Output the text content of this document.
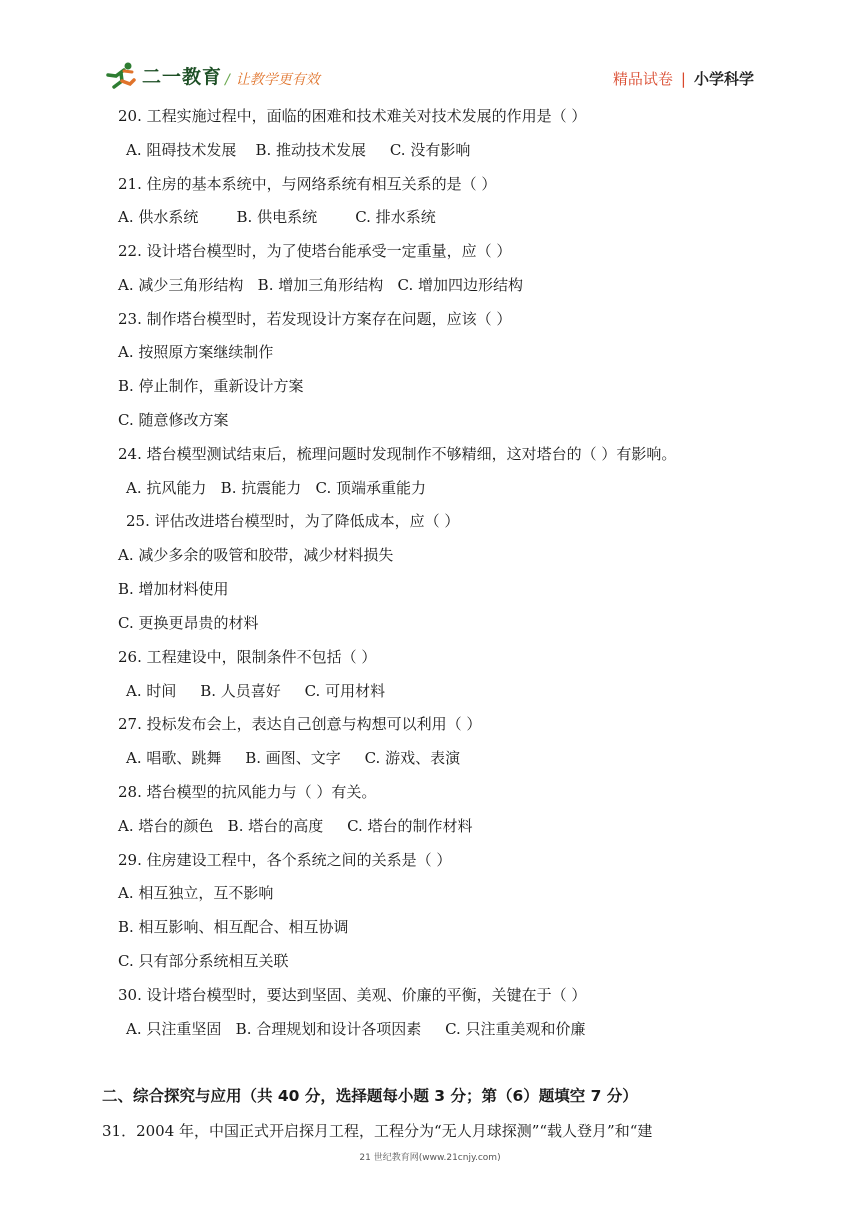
二一教育 / 让教学更有效	精品试卷 | 小学科学
20. 工程实施过程中，面临的困难和技术难关对技术发展的作用是（ ）
A. 阻碍技术发展    B. 推动技术发展     C. 没有影响
21. 住房的基本系统中，与网络系统有相互关系的是（ ）
A. 供水系统        B. 供电系统        C. 排水系统
22. 设计塔台模型时，为了使塔台能承受一定重量，应（ ）
A. 减少三角形结构   B. 增加三角形结构   C. 增加四边形结构
23. 制作塔台模型时，若发现设计方案存在问题，应该（ ）
A. 按照原方案继续制作
B. 停止制作，重新设计方案
C. 随意修改方案
24. 塔台模型测试结束后，梳理问题时发现制作不够精细，这对塔台的（ ）有影响。
A. 抗风能力   B. 抗震能力   C. 顶端承重能力
25. 评估改进塔台模型时，为了降低成本，应（ ）
A. 减少多余的吸管和胶带，减少材料损失
B. 增加材料使用
C. 更换更昂贵的材料
26. 工程建设中，限制条件不包括（ ）
A. 时间     B. 人员喜好     C. 可用材料
27. 投标发布会上，表达自己创意与构想可以利用（ ）
A. 唱歌、跳舞     B. 画图、文字     C. 游戏、表演
28. 塔台模型的抗风能力与（ ）有关。
A. 塔台的颜色   B. 塔台的高度     C. 塔台的制作材料
29. 住房建设工程中，各个系统之间的关系是（ ）
A. 相互独立，互不影响
B. 相互影响、相互配合、相互协调
C. 只有部分系统相互关联
30. 设计塔台模型时，要达到坚固、美观、价廉的平衡，关键在于（ ）
A. 只注重坚固   B. 合理规划和设计各项因素     C. 只注重美观和价廉
二、综合探究与应用（共 40 分，选择题每小题 3 分；第（6）题填空 7 分）
31．2004 年，中国正式开启探月工程，工程分为“无人月球探测”“载人登月”和“建
21 世纪教育网(www.21cnjy.com)
